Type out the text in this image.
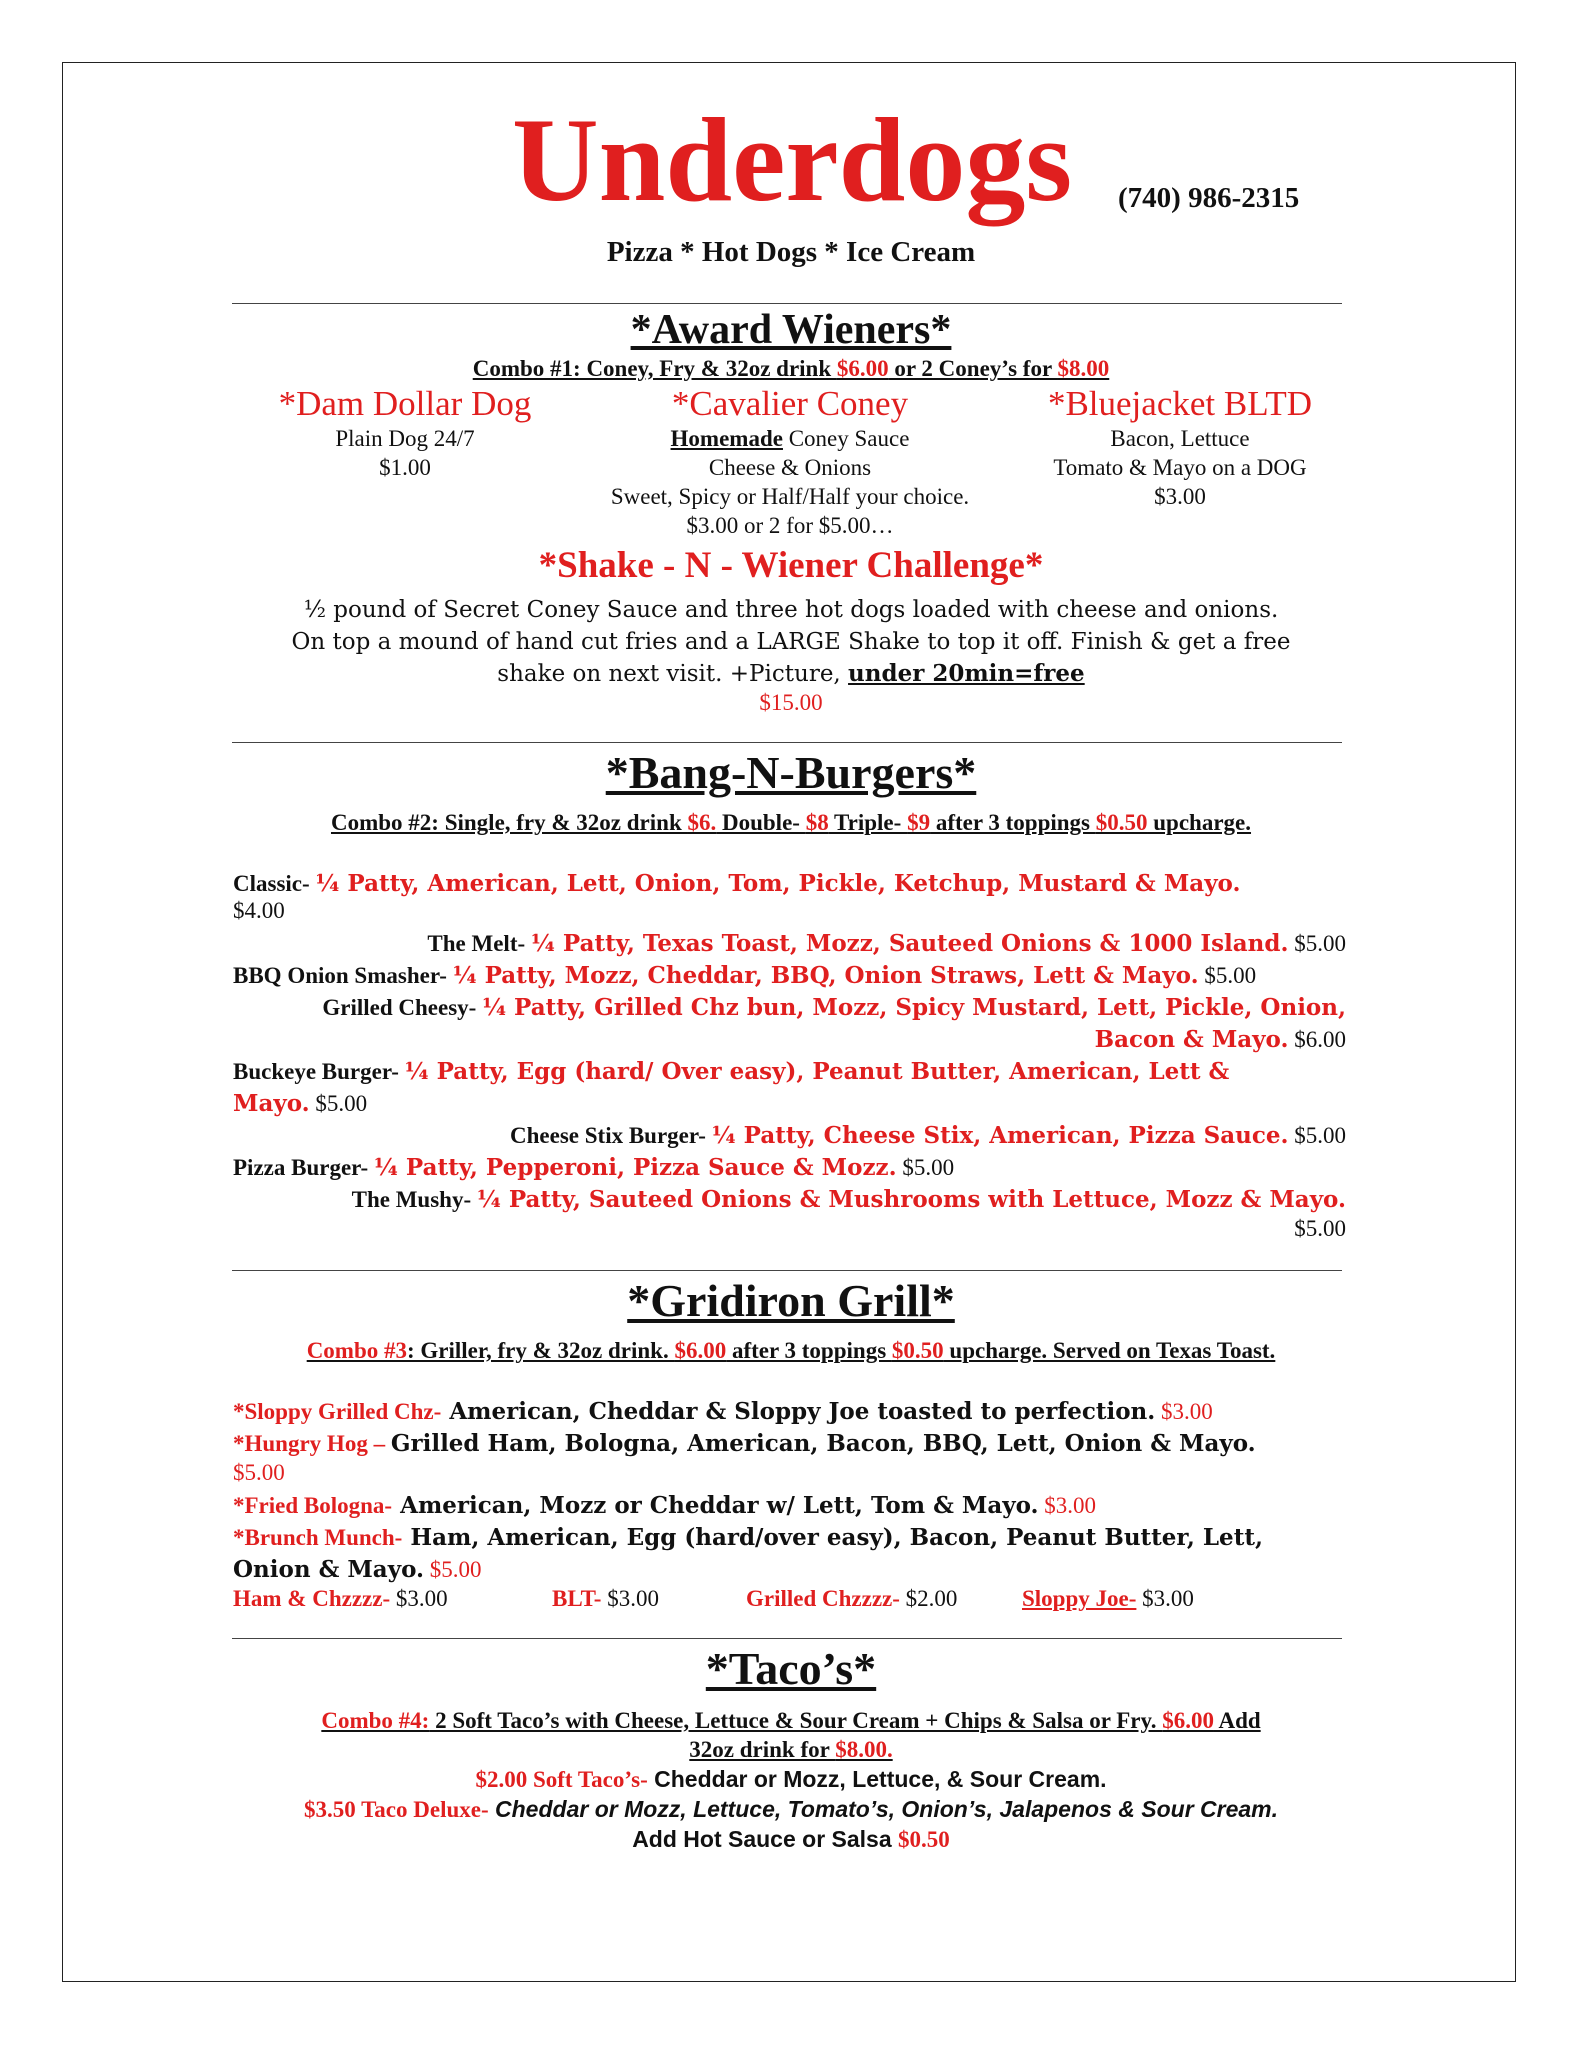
Underdogs (740) 986-2315
Pizza * Hot Dogs * Ice Cream
*Award Wieners*
Combo #1: Coney, Fry & 32oz drink $6.00 or 2 Coney’s for $8.00
*Dam Dollar Dog
Plain Dog 24/7
$1.00
*Cavalier Coney
Homemade Coney Sauce
Cheese & Onions
Sweet, Spicy or Half/Half your choice.
$3.00 or 2 for $5.00…
*Bluejacket BLTD
Bacon, Lettuce
Tomato & Mayo on a DOG
$3.00
*Shake - N - Wiener Challenge*
½ pound of Secret Coney Sauce and three hot dogs loaded with cheese and onions.
On top a mound of hand cut fries and a LARGE Shake to top it off. Finish & get a free
shake on next visit. +Picture, under 20min=free
$15.00
*Bang-N-Burgers*
Combo #2: Single, fry & 32oz drink $6. Double- $8 Triple- $9 after 3 toppings $0.50 upcharge.
Classic- ¼ Patty, American, Lett, Onion, Tom, Pickle, Ketchup, Mustard & Mayo.
$4.00
The Melt- ¼ Patty, Texas Toast, Mozz, Sauteed Onions & 1000 Island. $5.00
BBQ Onion Smasher- ¼ Patty, Mozz, Cheddar, BBQ, Onion Straws, Lett & Mayo. $5.00
Grilled Cheesy- ¼ Patty, Grilled Chz bun, Mozz, Spicy Mustard, Lett, Pickle, Onion,
Bacon & Mayo. $6.00
Buckeye Burger- ¼ Patty, Egg (hard/ Over easy), Peanut Butter, American, Lett &
Mayo. $5.00
Cheese Stix Burger- ¼ Patty, Cheese Stix, American, Pizza Sauce. $5.00
Pizza Burger- ¼ Patty, Pepperoni, Pizza Sauce & Mozz. $5.00
The Mushy- ¼ Patty, Sauteed Onions & Mushrooms with Lettuce, Mozz & Mayo.
$5.00
*Gridiron Grill*
Combo #3: Griller, fry & 32oz drink. $6.00 after 3 toppings $0.50 upcharge. Served on Texas Toast.
*Sloppy Grilled Chz- American, Cheddar & Sloppy Joe toasted to perfection. $3.00
*Hungry Hog – Grilled Ham, Bologna, American, Bacon, BBQ, Lett, Onion & Mayo.
$5.00
*Fried Bologna- American, Mozz or Cheddar w/ Lett, Tom & Mayo. $3.00
*Brunch Munch- Ham, American, Egg (hard/over easy), Bacon, Peanut Butter, Lett,
Onion & Mayo. $5.00
Ham & Chzzzz- $3.00	BLT- $3.00	Grilled Chzzzz- $2.00	Sloppy Joe- $3.00
*Taco’s*
Combo #4: 2 Soft Taco’s with Cheese, Lettuce & Sour Cream + Chips & Salsa or Fry. $6.00 Add
32oz drink for $8.00.
$2.00 Soft Taco’s- Cheddar or Mozz, Lettuce, & Sour Cream.
$3.50 Taco Deluxe- Cheddar or Mozz, Lettuce, Tomato’s, Onion’s, Jalapenos & Sour Cream.
Add Hot Sauce or Salsa $0.50
